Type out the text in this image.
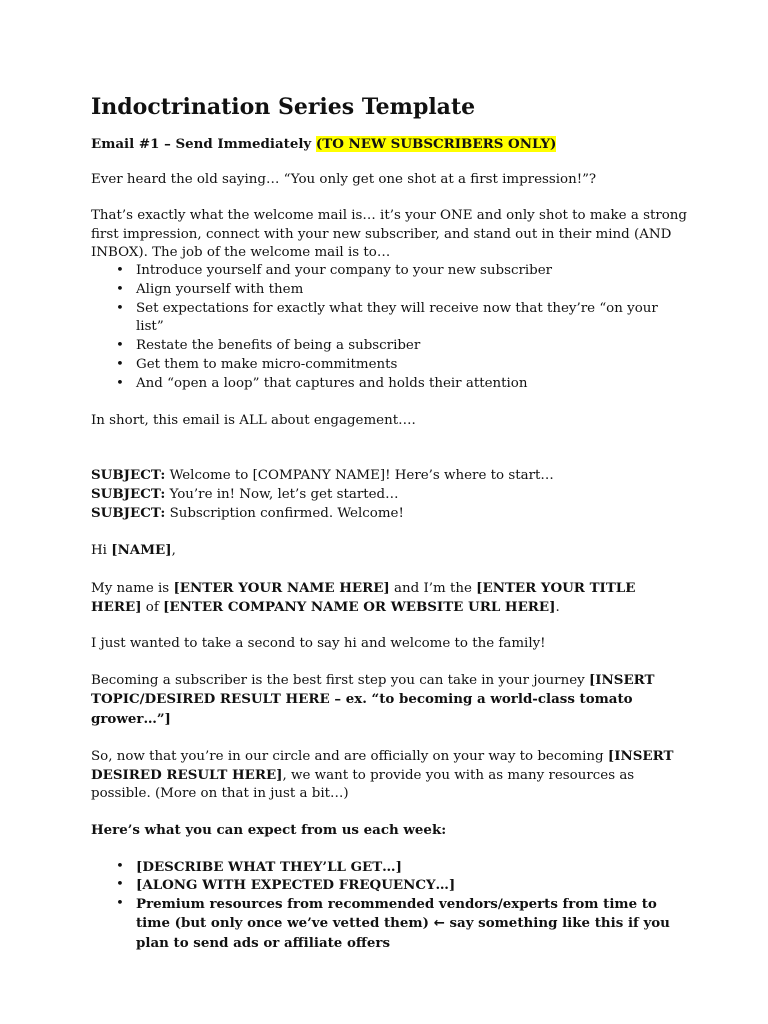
Indoctrination Series Template

Email #1 – Send Immediately (TO NEW SUBSCRIBERS ONLY)

Ever heard the old saying… “You only get one shot at a first impression!”?

That’s exactly what the welcome mail is… it’s your ONE and only shot to make a strong first impression, connect with your new subscriber, and stand out in their mind (AND INBOX). The job of the welcome mail is to…

• Introduce yourself and your company to your new subscriber
• Align yourself with them
• Set expectations for exactly what they will receive now that they’re “on your list”
• Restate the benefits of being a subscriber
• Get them to make micro-commitments
• And “open a loop” that captures and holds their attention

In short, this email is ALL about engagement….

SUBJECT: Welcome to [COMPANY NAME]! Here’s where to start…

SUBJECT: You’re in! Now, let’s get started…

SUBJECT: Subscription confirmed. Welcome!

Hi [NAME],

My name is [ENTER YOUR NAME HERE] and I’m the [ENTER YOUR TITLE HERE] of [ENTER COMPANY NAME OR WEBSITE URL HERE].

I just wanted to take a second to say hi and welcome to the family!

Becoming a subscriber is the best first step you can take in your journey [INSERT TOPIC/DESIRED RESULT HERE – ex. “to becoming a world-class tomato grower…”]

So, now that you’re in our circle and are officially on your way to becoming [INSERT DESIRED RESULT HERE], we want to provide you with as many resources as possible. (More on that in just a bit…)

Here’s what you can expect from us each week:

• [DESCRIBE WHAT THEY’LL GET…]
• [ALONG WITH EXPECTED FREQUENCY…]
• Premium resources from recommended vendors/experts from time to time (but only once we’ve vetted them) ← say something like this if you plan to send ads or affiliate offers
